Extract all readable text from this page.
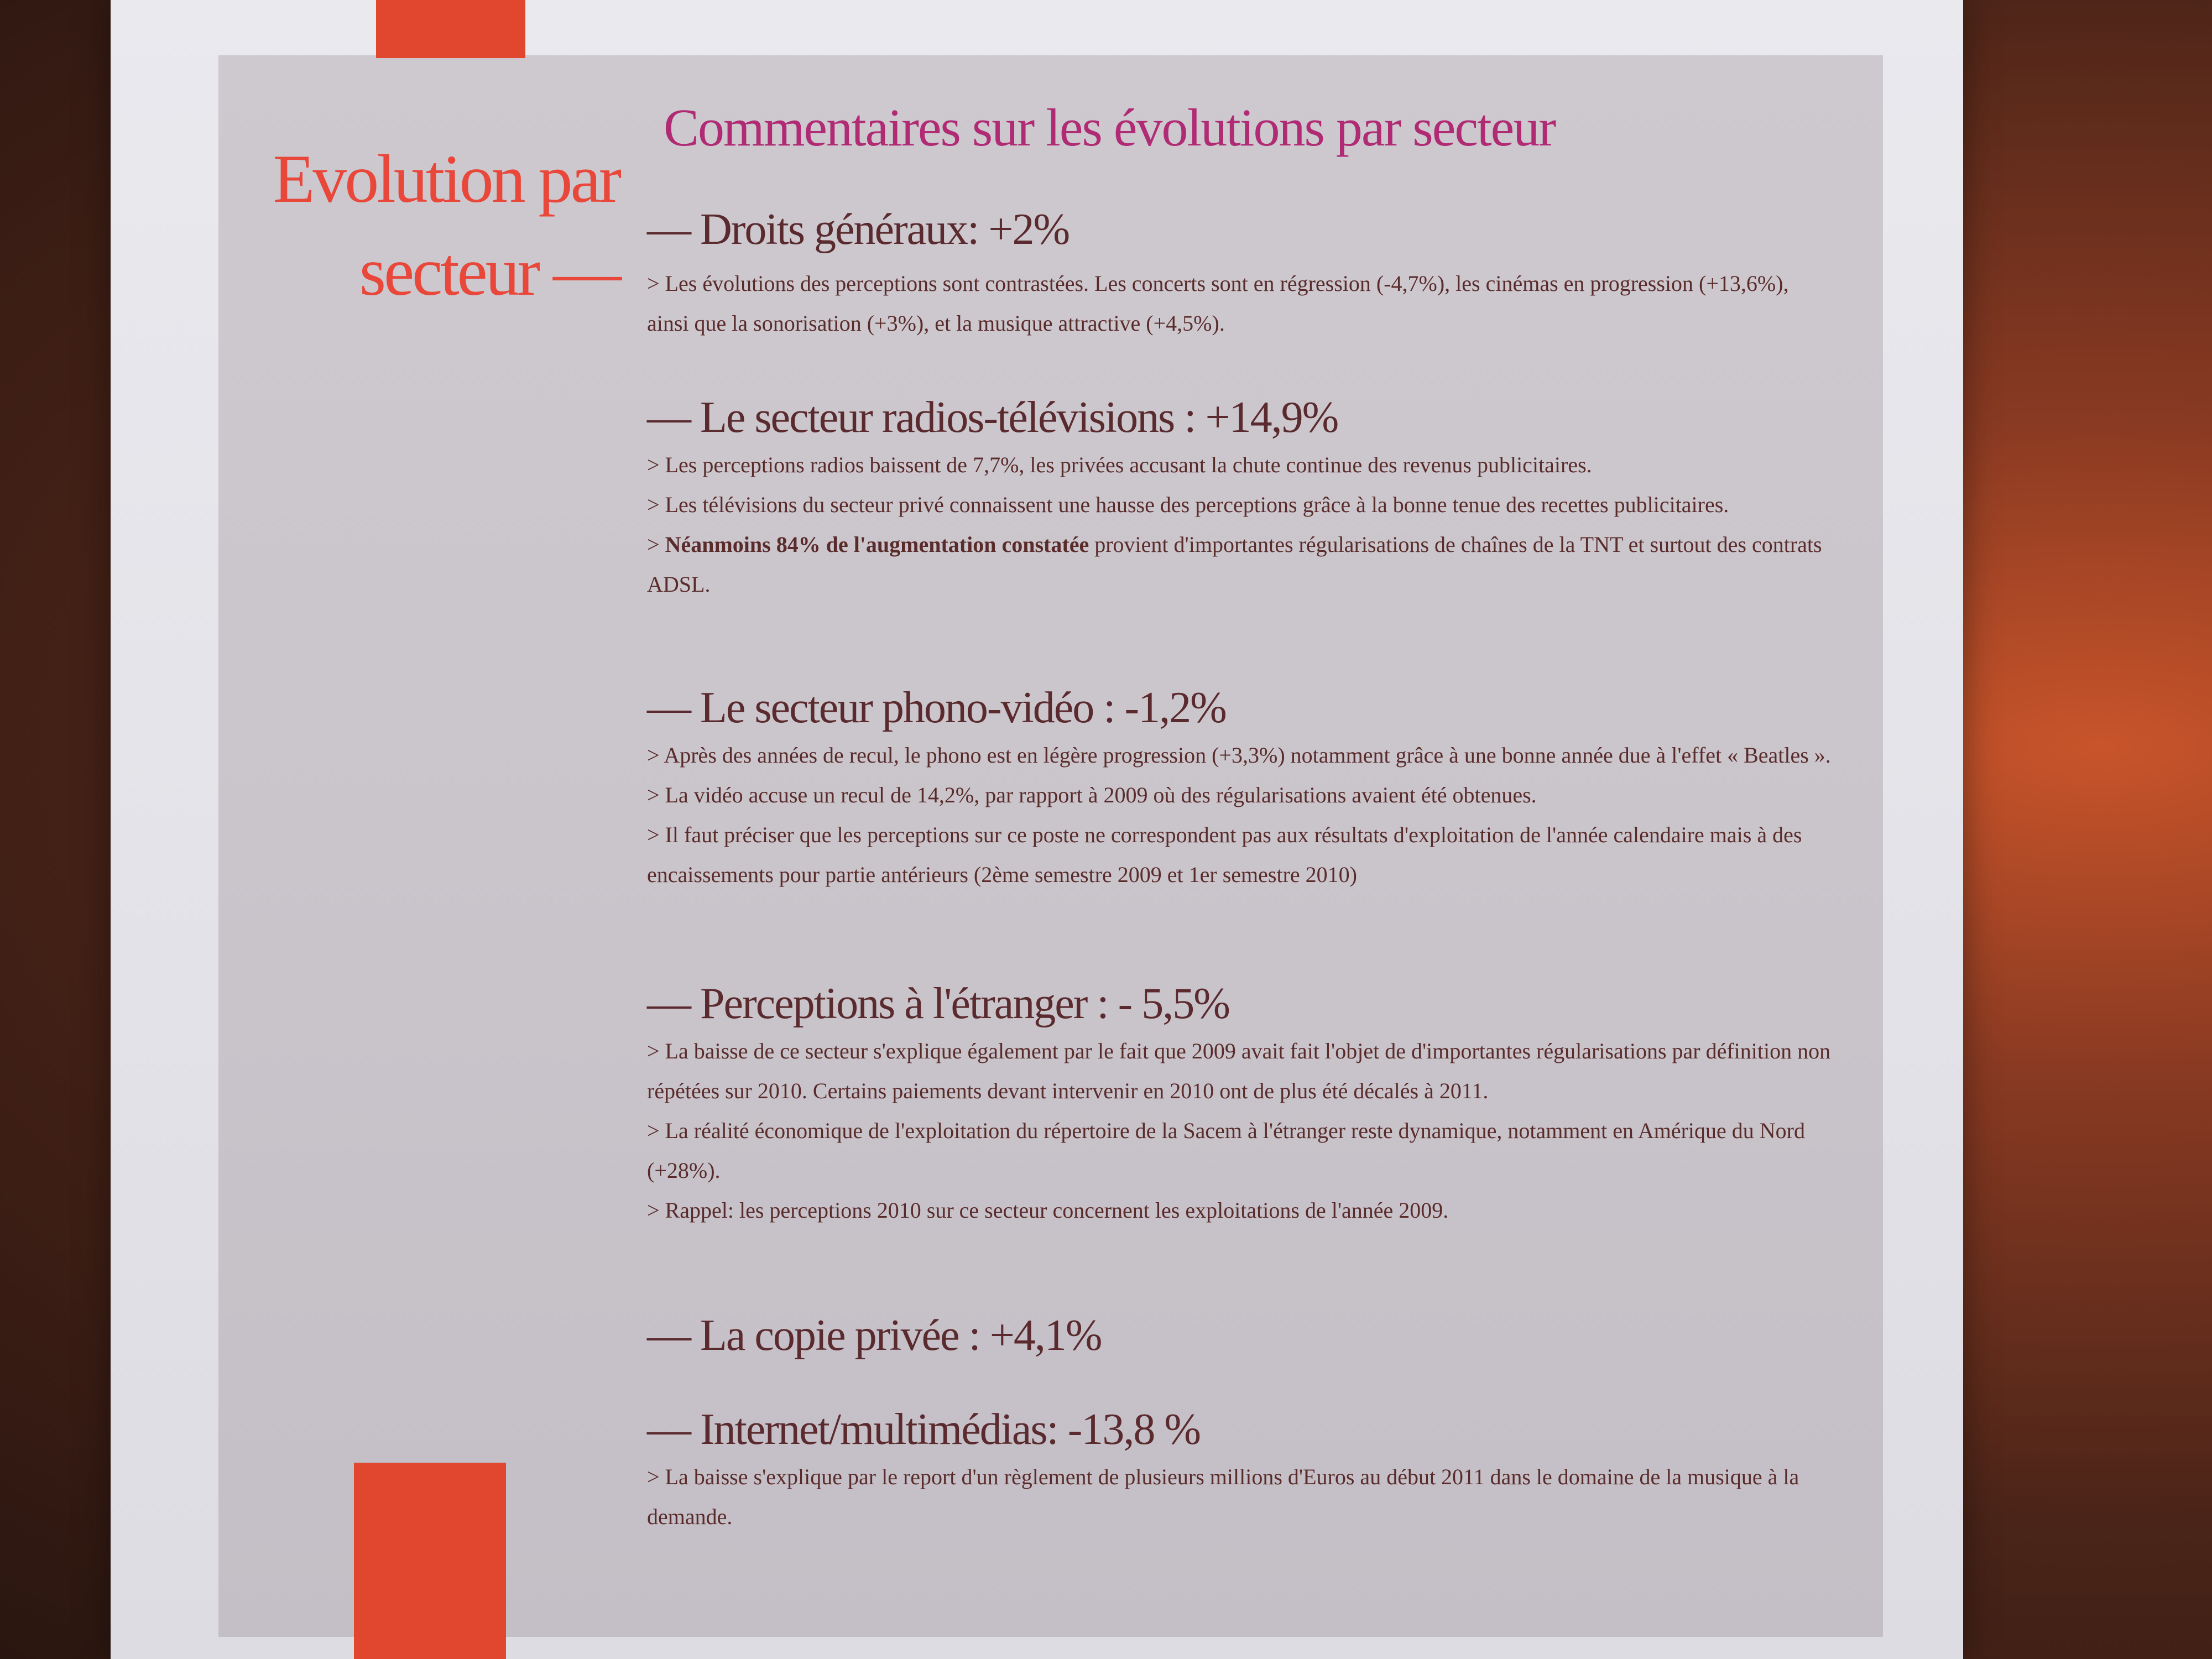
Evolution par
secteur —
Commentaires sur les évolutions par secteur
— Droits généraux: +2%

> Les évolutions des perceptions sont contrastées. Les concerts sont en régression (-4,7%), les cinémas en progression (+13,6%), ainsi que la sonorisation (+3%), et la musique attractive (+4,5%).

— Le secteur radios-télévisions : +14,9%

> Les perceptions radios baissent de 7,7%, les privées accusant la chute continue des revenus publicitaires.

> Les télévisions du secteur privé connaissent une hausse des perceptions grâce à la bonne tenue des recettes publicitaires.

> Néanmoins 84% de l'augmentation constatée provient d'importantes régularisations de chaînes de la TNT et surtout des contrats ADSL.

— Le secteur phono-vidéo : -1,2%

> Après des années de recul, le phono est en légère progression (+3,3%) notamment grâce à une bonne année due à l'effet « Beatles ».

> La vidéo accuse un recul de 14,2%, par rapport à 2009 où des régularisations avaient été obtenues.

> Il faut préciser que les perceptions sur ce poste ne correspondent pas aux résultats d'exploitation de l'année calendaire mais à des encaissements pour partie antérieurs (2ème semestre 2009 et 1er semestre 2010)

— Perceptions à l'étranger : - 5,5%

> La baisse de ce secteur s'explique également par le fait que 2009 avait fait l'objet de d'importantes régularisations par définition non répétées sur 2010. Certains paiements devant intervenir en 2010 ont de plus été décalés à 2011.

> La réalité économique de l'exploitation du répertoire de la Sacem à l'étranger reste dynamique, notamment en Amérique du Nord (+28%).

> Rappel: les perceptions 2010 sur ce secteur concernent les exploitations de l'année 2009.

— La copie privée : +4,1%
— Internet/multimédias: -13,8 %

> La baisse s'explique par le report d'un règlement de plusieurs millions d'Euros au début 2011 dans le domaine de la musique à la demande.
